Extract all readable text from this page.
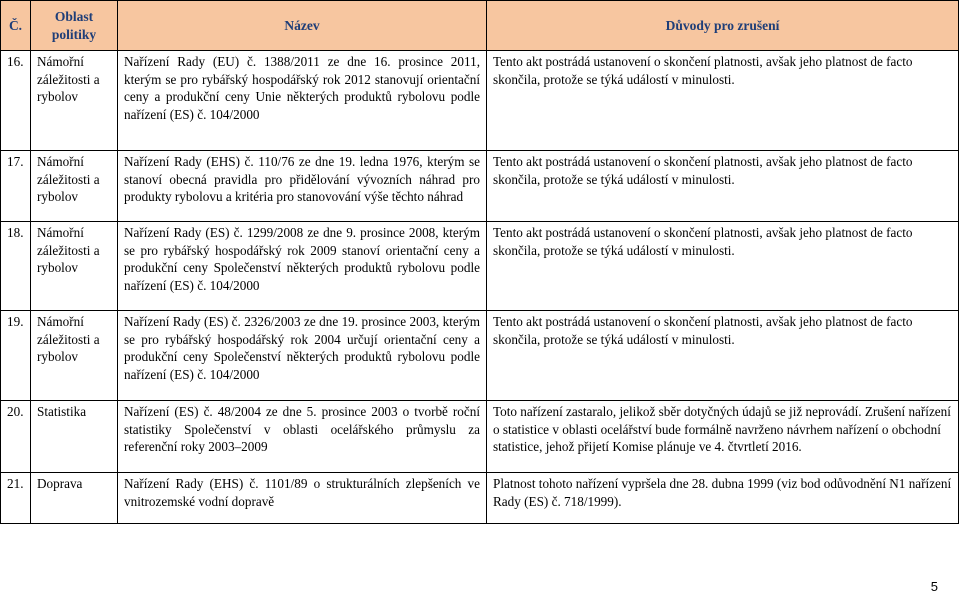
Č.	Oblast politiky	Název	Důvody pro zrušení
16.	Námořní záležitosti a rybolov	Nařízení Rady (EU) č. 1388/2011 ze dne 16. prosince 2011, kterým se pro rybářský hospodářský rok 2012 stanovují orientační ceny a produkční ceny Unie některých produktů rybolovu podle nařízení (ES) č. 104/2000	Tento akt postrádá ustanovení o skončení platnosti, avšak jeho platnost de facto skončila, protože se týká událostí v minulosti.
17.	Námořní záležitosti a rybolov	Nařízení Rady (EHS) č. 110/76 ze dne 19. ledna 1976, kterým se stanoví obecná pravidla pro přidělování vývozních náhrad pro produkty rybolovu a kritéria pro stanovování výše těchto náhrad	Tento akt postrádá ustanovení o skončení platnosti, avšak jeho platnost de facto skončila, protože se týká událostí v minulosti.
18.	Námořní záležitosti a rybolov	Nařízení Rady (ES) č. 1299/2008 ze dne 9. prosince 2008, kterým se pro rybářský hospodářský rok 2009 stanoví orientační ceny a produkční ceny Společenství některých produktů rybolovu podle nařízení (ES) č. 104/2000	Tento akt postrádá ustanovení o skončení platnosti, avšak jeho platnost de facto skončila, protože se týká událostí v minulosti.
19.	Námořní záležitosti a rybolov	Nařízení Rady (ES) č. 2326/2003 ze dne 19. prosince 2003, kterým se pro rybářský hospodářský rok 2004 určují orientační ceny a produkční ceny Společenství některých produktů rybolovu podle nařízení (ES) č. 104/2000	Tento akt postrádá ustanovení o skončení platnosti, avšak jeho platnost de facto skončila, protože se týká událostí v minulosti.
20.	Statistika	Nařízení (ES) č. 48/2004 ze dne 5. prosince 2003 o tvorbě roční statistiky Společenství v oblasti ocelářského průmyslu za referenční roky 2003–2009	Toto nařízení zastaralo, jelikož sběr dotyčných údajů se již neprovádí. Zrušení nařízení o statistice v oblasti ocelářství bude formálně navrženo návrhem nařízení o obchodní statistice, jehož přijetí Komise plánuje ve 4. čtvrtletí 2016.
21.	Doprava	Nařízení Rady (EHS) č. 1101/89 o strukturálních zlepšeních ve vnitrozemské vodní dopravě	Platnost tohoto nařízení vypršela dne 28. dubna 1999 (viz bod odůvodnění N1 nařízení Rady (ES) č. 718/1999).
5
